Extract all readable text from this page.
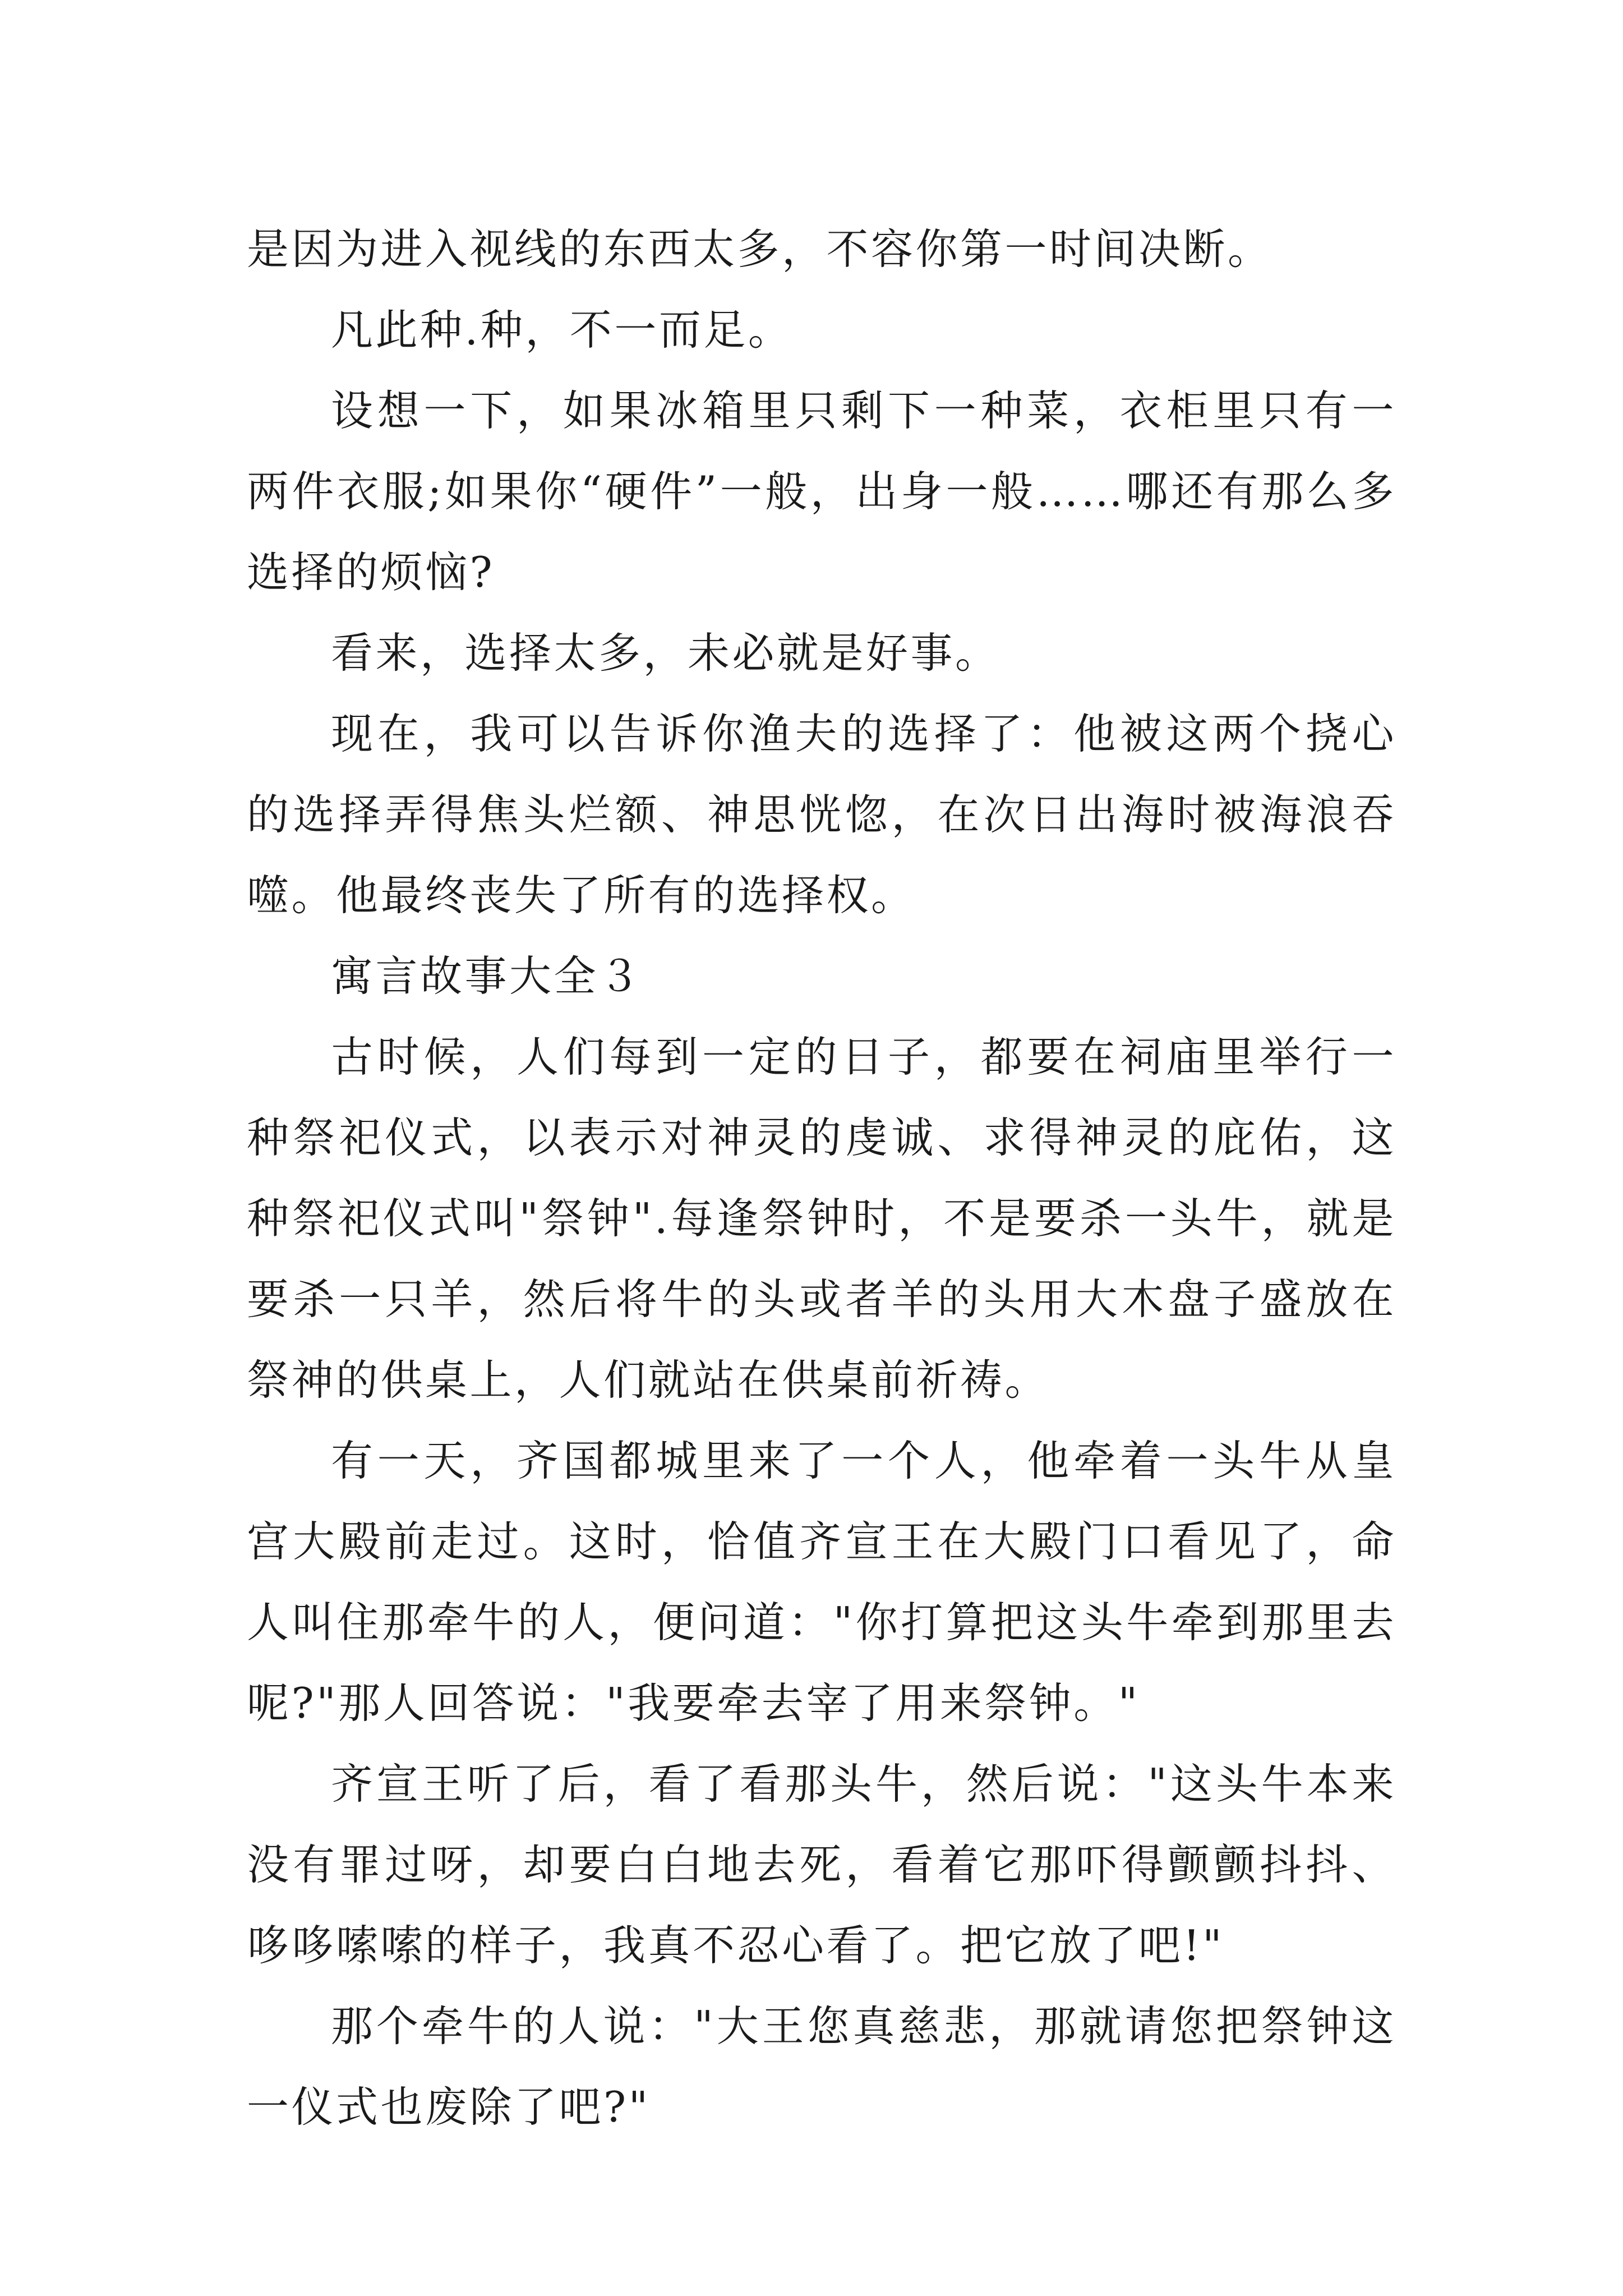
是因为进入视线的东西太多，不容你第一时间决断。

凡此种.种，不一而足。

设想一下，如果冰箱里只剩下一种菜，衣柜里只有一两件衣服;如果你“硬件”一般，出身一般……哪还有那么多选择的烦恼?

看来，选择太多，未必就是好事。

现在，我可以告诉你渔夫的选择了：他被这两个挠心的选择弄得焦头烂额、神思恍惚，在次日出海时被海浪吞噬。他最终丧失了所有的选择权。

寓言故事大全３

古时候，人们每到一定的日子，都要在祠庙里举行一种祭祀仪式，以表示对神灵的虔诚、求得神灵的庇佑，这种祭祀仪式叫"祭钟".每逢祭钟时，不是要杀一头牛，就是要杀一只羊，然后将牛的头或者羊的头用大木盘子盛放在祭神的供桌上，人们就站在供桌前祈祷。

有一天，齐国都城里来了一个人，他牵着一头牛从皇宫大殿前走过。这时，恰值齐宣王在大殿门口看见了，命人叫住那牵牛的人，便问道："你打算把这头牛牵到那里去呢?"那人回答说："我要牵去宰了用来祭钟。"

齐宣王听了后，看了看那头牛，然后说："这头牛本来没有罪过呀，却要白白地去死，看着它那吓得颤颤抖抖、哆哆嗦嗦的样子，我真不忍心看了。把它放了吧!"

那个牵牛的人说："大王您真慈悲，那就请您把祭钟这一仪式也废除了吧?"
